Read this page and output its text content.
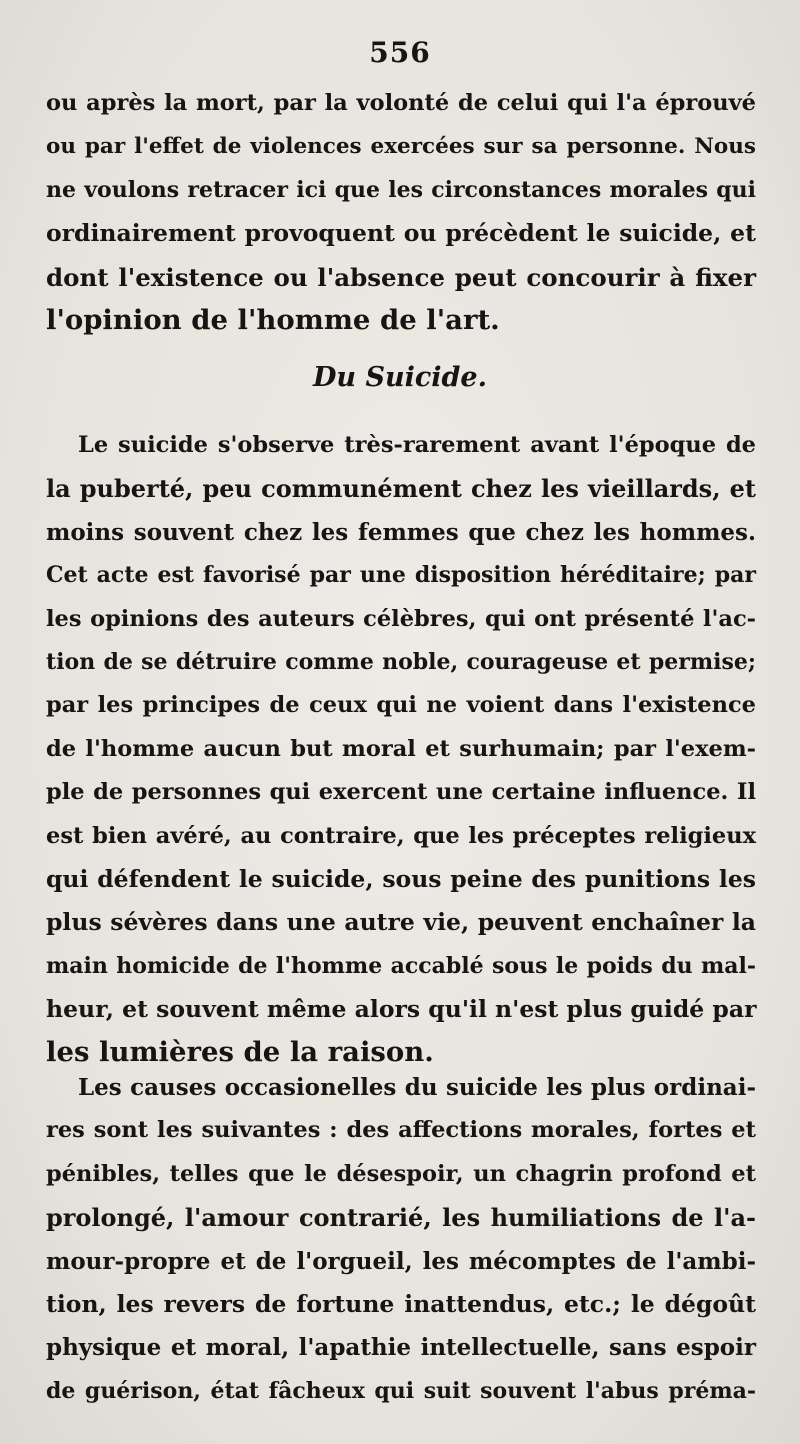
556
ou après la mort, par la volonté de celui qui l'a éprouvé
ou par l'effet de violences exercées sur sa personne. Nous
ne voulons retracer ici que les circonstances morales qui
ordinairement provoquent ou précèdent le suicide, et
dont l'existence ou l'absence peut concourir à fixer
l'opinion de l'homme de l'art.
Du Suicide.
Le suicide s'observe très-rarement avant l'époque de
la puberté, peu communément chez les vieillards, et
moins souvent chez les femmes que chez les hommes.
Cet acte est favorisé par une disposition héréditaire; par
les opinions des auteurs célèbres, qui ont présenté l'ac-
tion de se détruire comme noble, courageuse et permise;
par les principes de ceux qui ne voient dans l'existence
de l'homme aucun but moral et surhumain; par l'exem-
ple de personnes qui exercent une certaine influence. Il
est bien avéré, au contraire, que les préceptes religieux
qui défendent le suicide, sous peine des punitions les
plus sévères dans une autre vie, peuvent enchaîner la
main homicide de l'homme accablé sous le poids du mal-
heur, et souvent même alors qu'il n'est plus guidé par
les lumières de la raison.
Les causes occasionelles du suicide les plus ordinai-
res sont les suivantes : des affections morales, fortes et
pénibles, telles que le désespoir, un chagrin profond et
prolongé, l'amour contrarié, les humiliations de l'a-
mour-propre et de l'orgueil, les mécomptes de l'ambi-
tion, les revers de fortune inattendus, etc.; le dégoût
physique et moral, l'apathie intellectuelle, sans espoir
de guérison, état fâcheux qui suit souvent l'abus préma-
